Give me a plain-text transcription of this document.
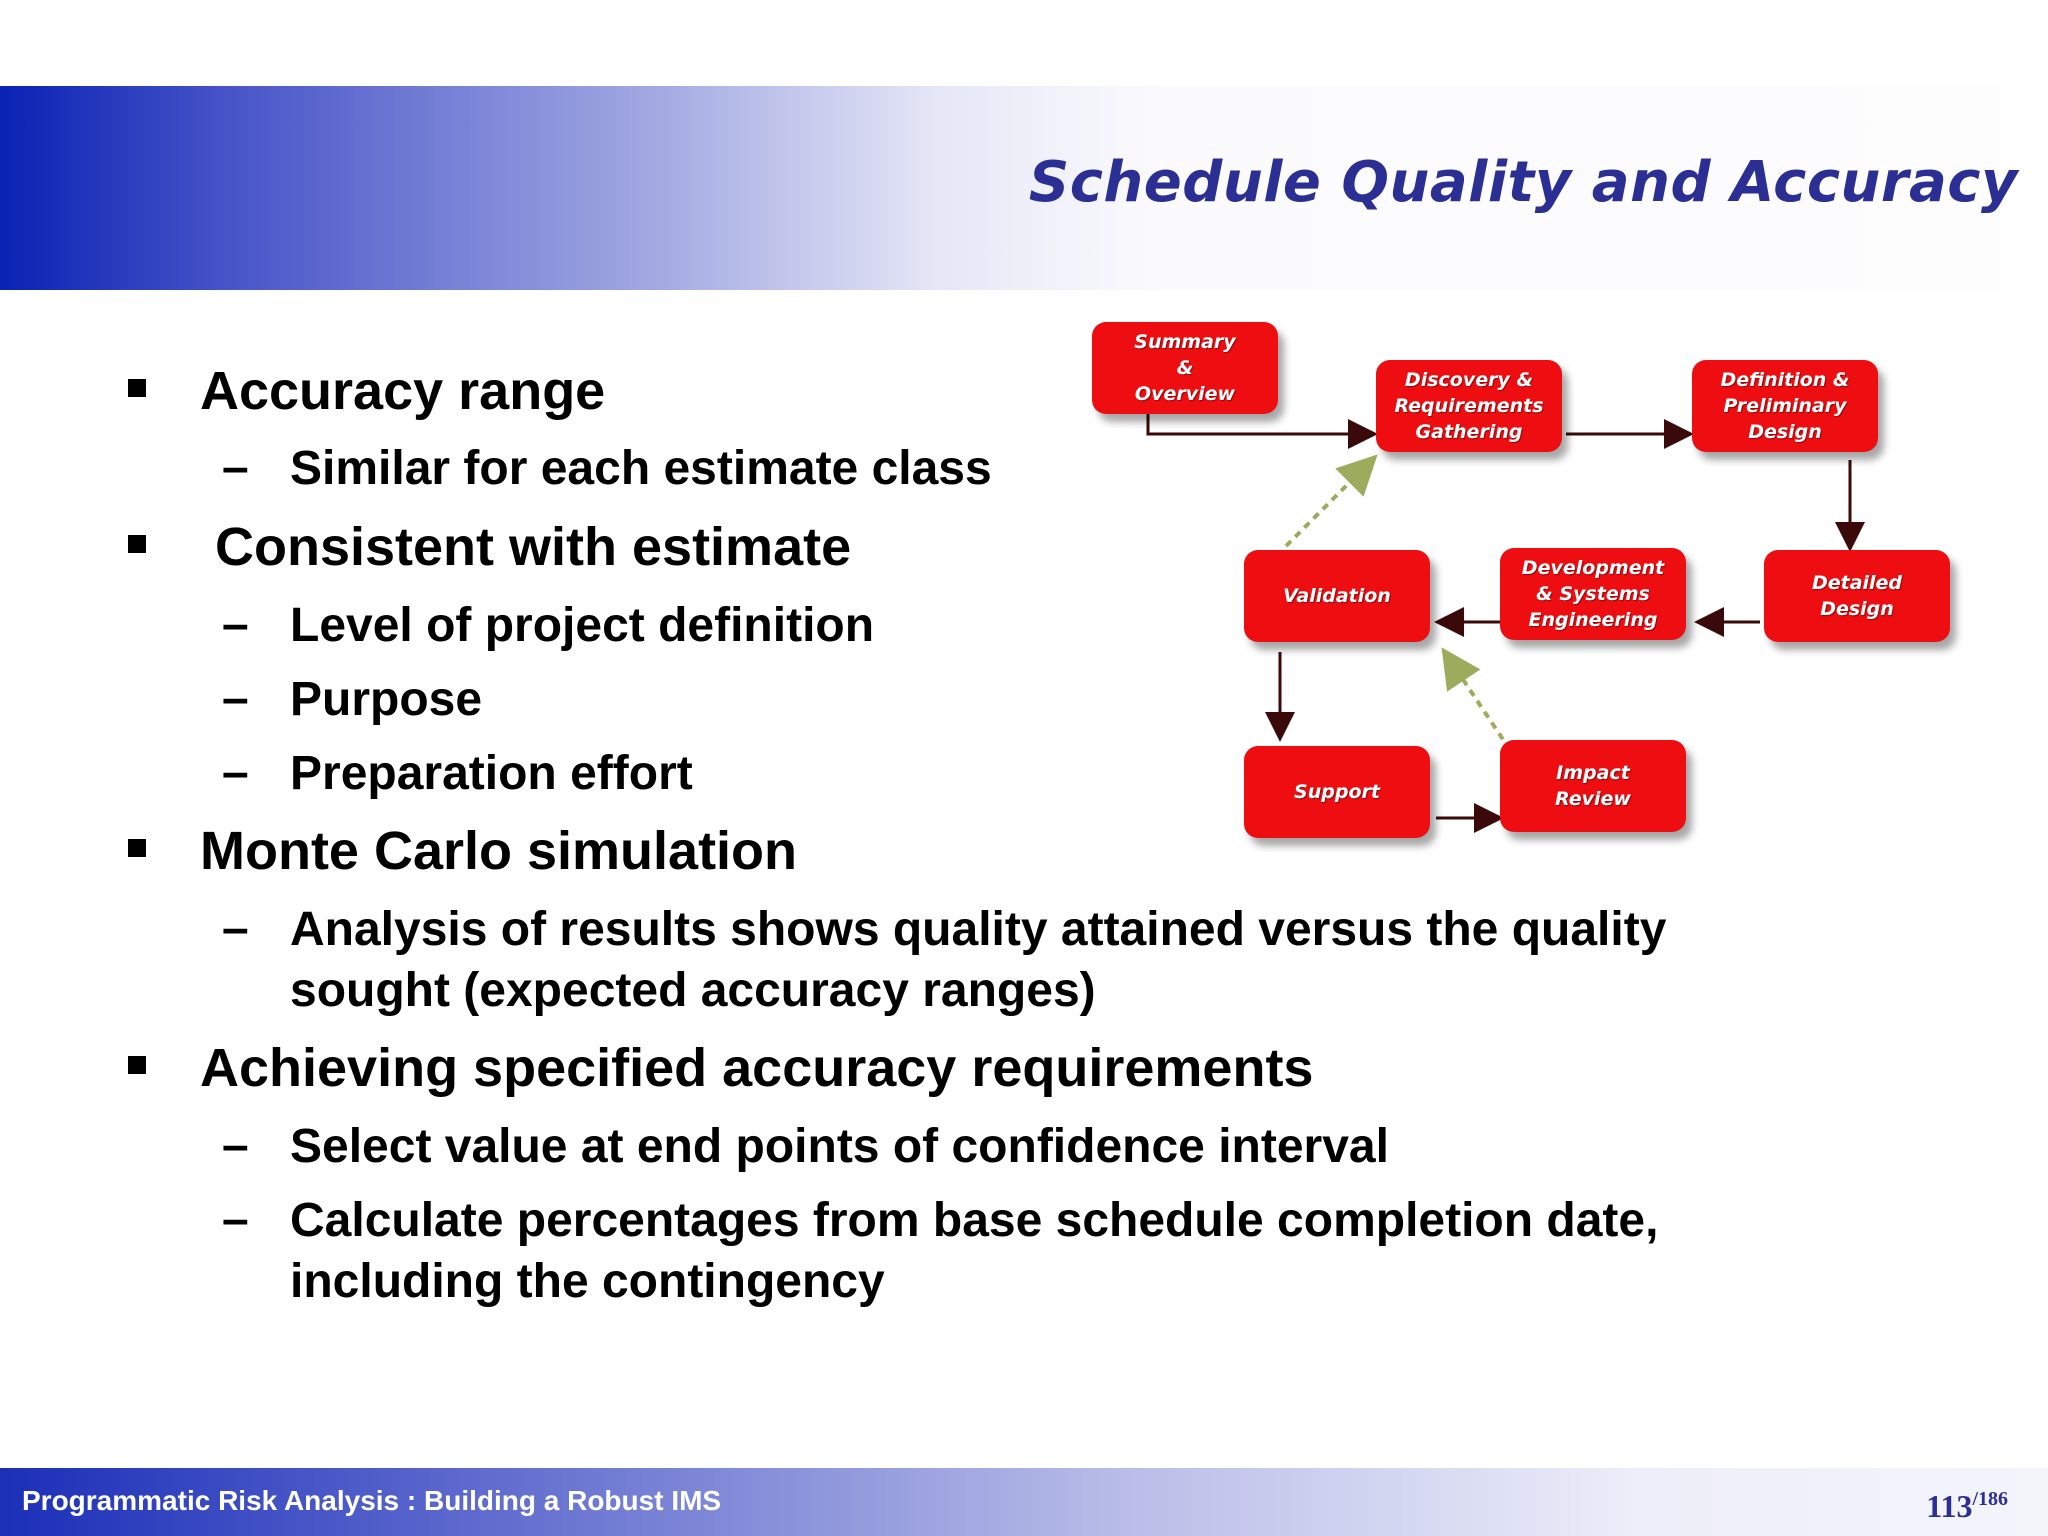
Schedule Quality and Accuracy
Accuracy range
– Similar for each estimate class
Consistent with estimate
– Level of project definition
– Purpose
– Preparation effort
Monte Carlo simulation
– Analysis of results shows quality attained versus the quality
sought (expected accuracy ranges)
Achieving specified accuracy requirements
– Select value at end points of confidence interval
– Calculate percentages from base schedule completion date,
including the contingency
Summary
&
Overview
Discovery &
Requirements
Gathering
Definition &
Preliminary
Design
Detailed
Design
Development
& Systems
Engineering
Validation
Support
Impact
Review
Programmatic Risk Analysis : Building a Robust IMS	113/186
